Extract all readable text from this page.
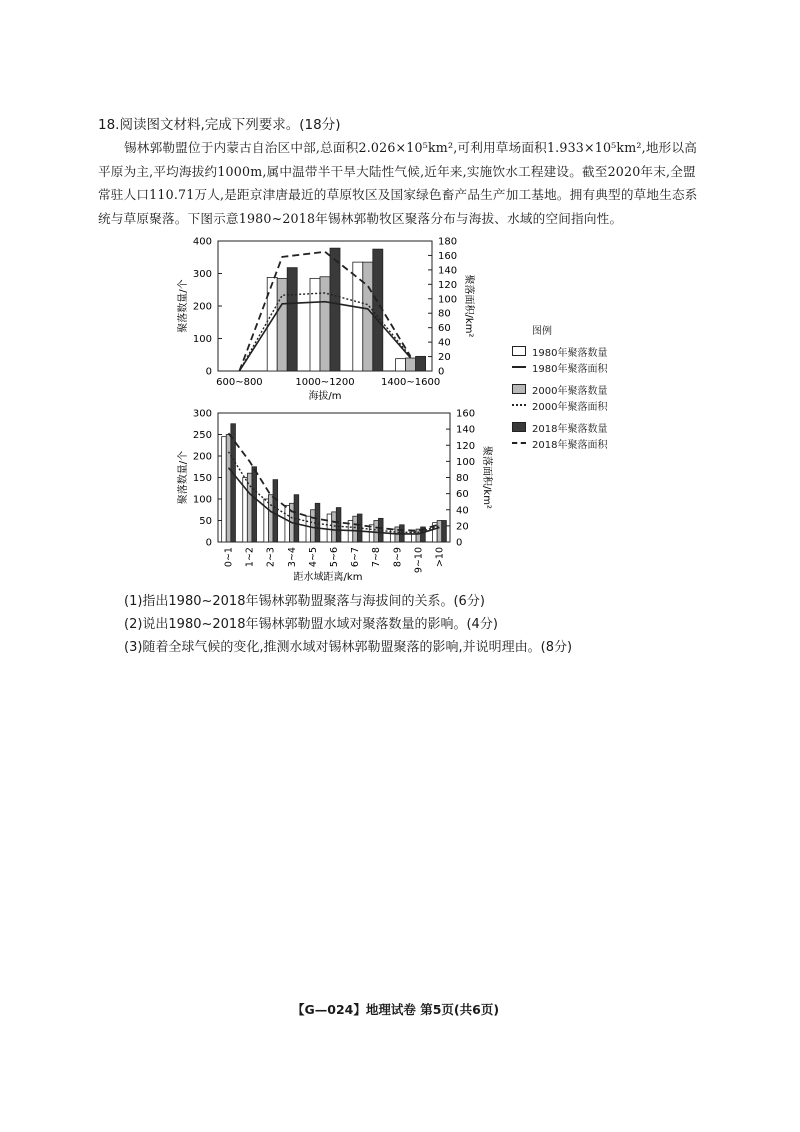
18.阅读图文材料,完成下列要求。(18分)
锡林郭勒盟位于内蒙古自治区中部,总面积2.026×10⁵km²,可利用草场面积1.933×10⁵km²,地形以高平原为主,平均海拔约1000m,属中温带半干旱大陆性气候,近年来,实施饮水工程建设。截至2020年末,全盟常驻人口110.71万人,是距京津唐最近的草原牧区及国家绿色畜产品生产加工基地。拥有典型的草地生态系统与草原聚落。下图示意1980~2018年锡林郭勒牧区聚落分布与海拔、水域的空间指向性。
0
100
200
300
400
0
20
40
60
80
100
120
140
160
180
600~800	1000~1200	1400~1600
海拔/m
聚落数量/个	聚落面积/km²
0
50
100
150
200
250
300
0
20
40
60
80
100
120
140
160
0~1 1~2 2~3 3~4 4~5 5~6 6~7 7~8 8~9 9~10 >10
距水域距离/km
聚落数量/个	聚落面积/km²
图例
1980年聚落数量
1980年聚落面积
2000年聚落数量
2000年聚落面积
2018年聚落数量
2018年聚落面积
(1)指出1980~2018年锡林郭勒盟聚落与海拔间的关系。(6分)
(2)说出1980~2018年锡林郭勒盟水域对聚落数量的影响。(4分)
(3)随着全球气候的变化,推测水域对锡林郭勒盟聚落的影响,并说明理由。(8分)
【G—024】地理试卷 第5页(共6页)
